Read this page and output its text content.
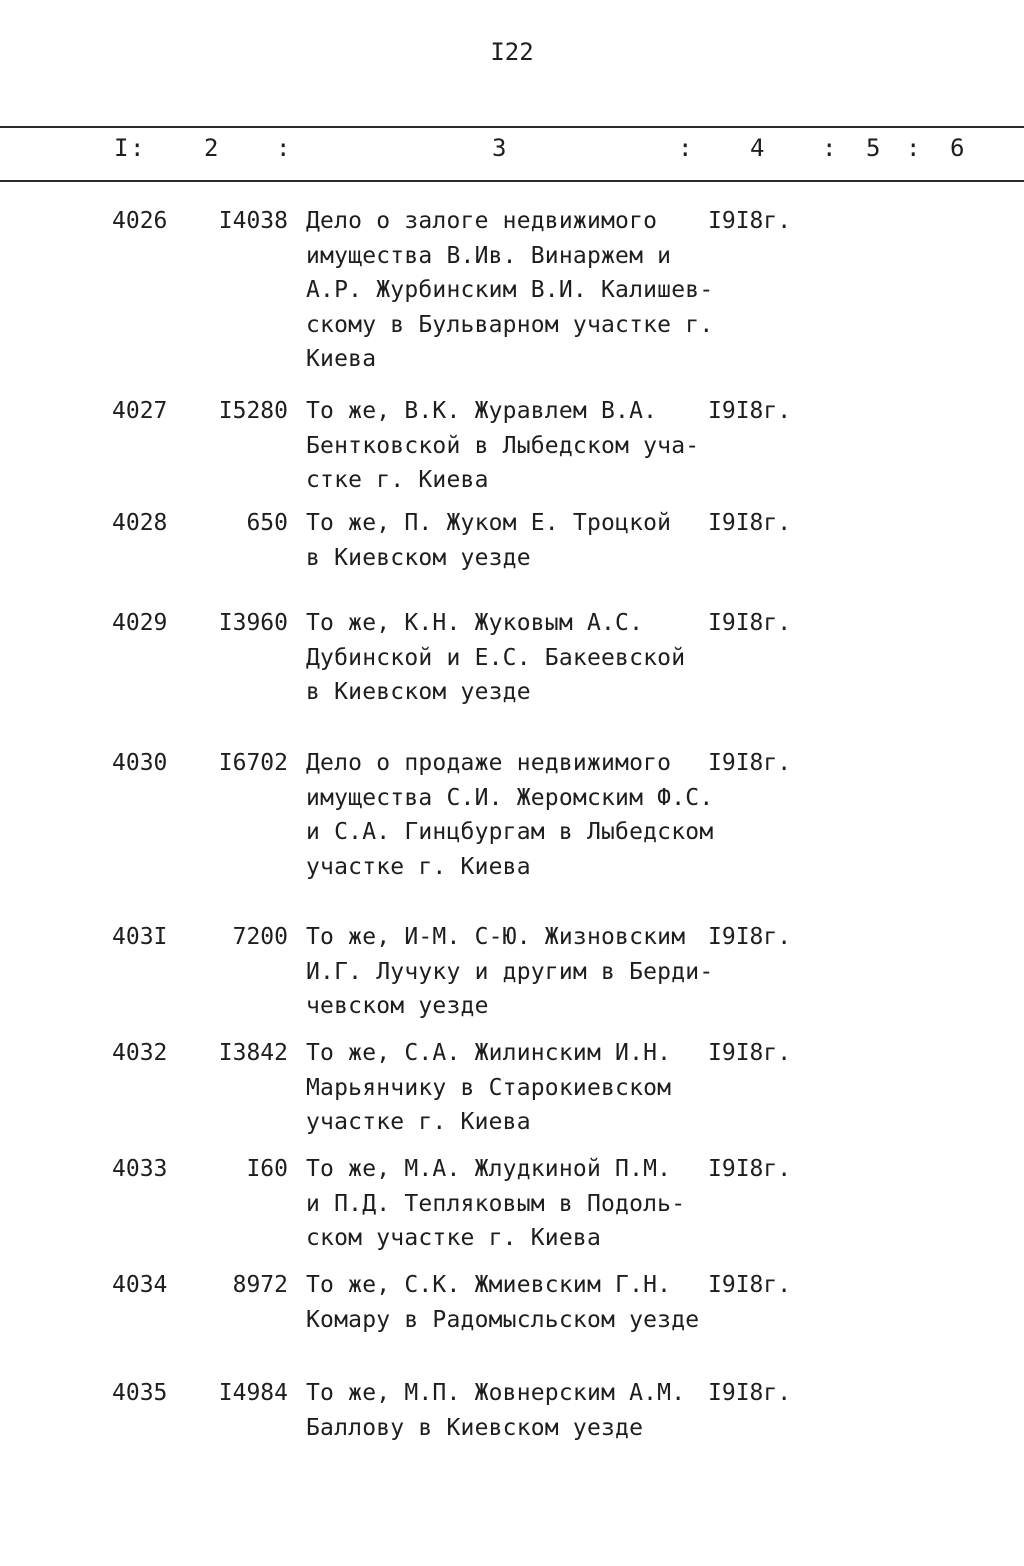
I22
I : 2 :	3	: 4 : 5 : 6
4026	I4038 Дело о залоге недвижимого
имущества В.Ив. Винаржем и
А.Р. Журбинским В.И. Калишев-
скому в Бульварном участке г.
Киева
I9I8г.
4027	I5280 То же, В.К. Журавлем В.А.
Бентковской в Лыбедском уча-
стке г. Киева
I9I8г.
4028	650 То же, П. Жуком Е. Троцкой
в Киевском уезде
I9I8г.
4029	I3960 То же, К.Н. Жуковым А.С.
Дубинской и Е.С. Бакеевской
в Киевском уезде
I9I8г.
4030	I6702 Дело о продаже недвижимого
имущества С.И. Жеромским Ф.С.
и С.А. Гинцбургам в Лыбедском
участке г. Киева
I9I8г.
403I	7200 То же, И-М. С-Ю. Жизновским
И.Г. Лучуку и другим в Берди-
чевском уезде
I9I8г.
4032	I3842 То же, С.А. Жилинским И.Н.
Марьянчику в Старокиевском
участке г. Киева
I9I8г.
4033	I60 То же, М.А. Жлудкиной П.М.
и П.Д. Тепляковым в Подоль-
ском участке г. Киева
I9I8г.
4034	8972 То же, С.К. Жмиевским Г.Н.
Комару в Радомысльском уезде
I9I8г.
4035	I4984 То же, М.П. Жовнерским А.М.
Баллову в Киевском уезде
I9I8г.
